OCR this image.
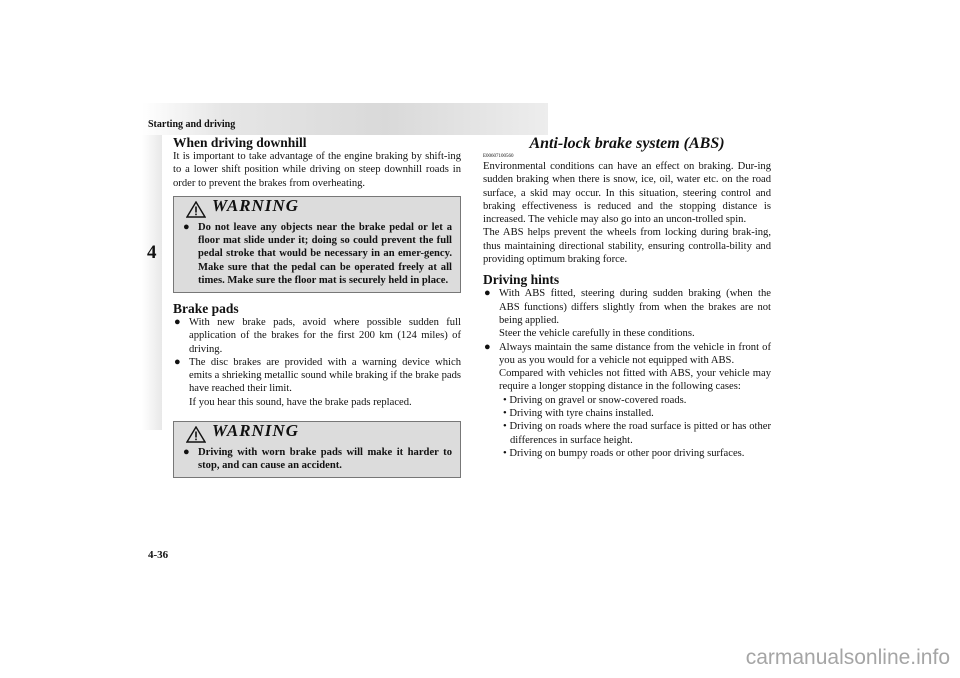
Starting and driving
4
When driving downhill

It is important to take advantage of the engine braking by shift-ing to a lower shift position while driving on steep downhill roads in order to prevent the brakes from overheating.

WARNING
● Do not leave any objects near the brake pedal or let a floor mat slide under it; doing so could prevent the full pedal stroke that would be necessary in an emer-gency. Make sure that the pedal can be operated freely at all times. Make sure the floor mat is securely held in place.
Brake pads
● With new brake pads, avoid where possible sudden full application of the brakes for the first 200 km (124 miles) of driving.
● The disc brakes are provided with a warning device which emits a shrieking metallic sound while braking if the brake pads have reached their limit.
If you hear this sound, have the brake pads replaced.
WARNING
● Driving with worn brake pads will make it harder to stop, and can cause an accident.
Anti-lock brake system (ABS)

E00607100560

Environmental conditions can have an effect on braking. Dur-ing sudden braking when there is snow, ice, oil, water etc. on the road surface, a skid may occur. In this situation, steering control and braking effectiveness is reduced and the stopping distance is increased. The vehicle may also go into an uncon-trolled spin.

The ABS helps prevent the wheels from locking during brak-ing, thus maintaining directional stability, ensuring controlla-bility and providing optimum braking force.

Driving hints
● With ABS fitted, steering during sudden braking (when the ABS functions) differs slightly from when the brakes are not being applied.
Steer the vehicle carefully in these conditions.
● Always maintain the same distance from the vehicle in front of you as you would for a vehicle not equipped with ABS.
Compared with vehicles not fitted with ABS, your vehicle may require a longer stopping distance in the following cases:
• Driving on gravel or snow-covered roads.
• Driving with tyre chains installed.
• Driving on roads where the road surface is pitted or has other differences in surface height.
• Driving on bumpy roads or other poor driving surfaces.
4-36
carmanualsonline.info
